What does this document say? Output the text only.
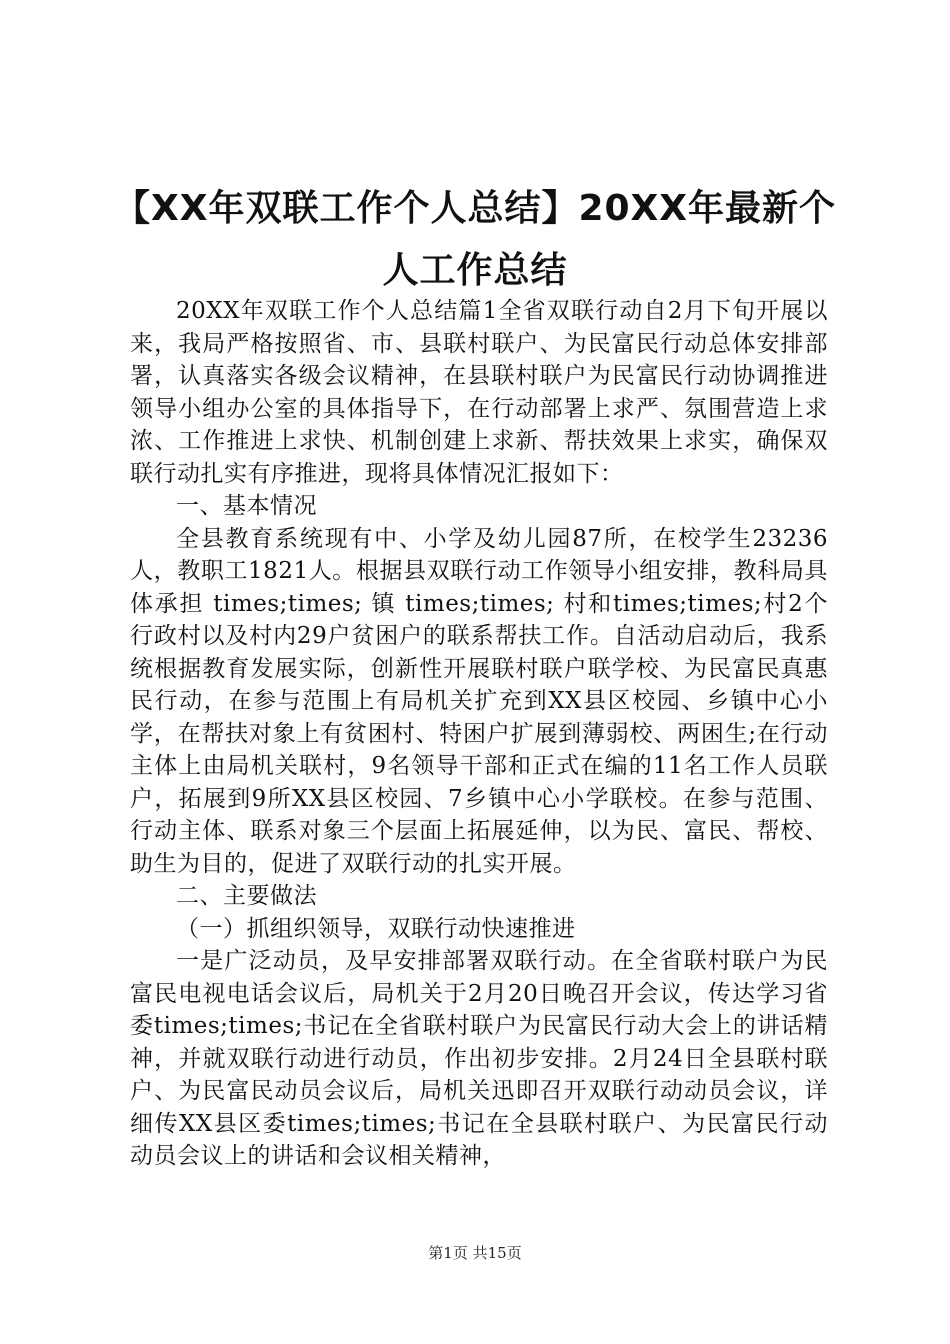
【XX年双联工作个人总结】20XX年最新个人工作总结

20XX年双联工作个人总结篇1全省双联行动自2月下旬开展以来，我局严格按照省、市、县联村联户、为民富民行动总体安排部署，认真落实各级会议精神，在县联村联户为民富民行动协调推进领导小组办公室的具体指导下，在行动部署上求严、氛围营造上求浓、工作推进上求快、机制创建上求新、帮扶效果上求实，确保双联行动扎实有序推进，现将具体情况汇报如下：

一、基本情况

全县教育系统现有中、小学及幼儿园87所，在校学生23236人，教职工1821人。根据县双联行动工作领导小组安排，教科局具体承担 times;times; 镇 times;times; 村和times;times;村2个行政村以及村内29户贫困户的联系帮扶工作。自活动启动后，我系统根据教育发展实际，创新性开展联村联户联学校、为民富民真惠民行动，在参与范围上有局机关扩充到XX县区校园、乡镇中心小学，在帮扶对象上有贫困村、特困户扩展到薄弱校、两困生;在行动主体上由局机关联村，9名领导干部和正式在编的11名工作人员联户，拓展到9所XX县区校园、7乡镇中心小学联校。在参与范围、行动主体、联系对象三个层面上拓展延伸，以为民、富民、帮校、助生为目的，促进了双联行动的扎实开展。

二、主要做法

（一）抓组织领导，双联行动快速推进

一是广泛动员，及早安排部署双联行动。在全省联村联户为民富民电视电话会议后，局机关于2月20日晚召开会议，传达学习省委times;times;书记在全省联村联户为民富民行动大会上的讲话精神，并就双联行动进行动员，作出初步安排。2月24日全县联村联户、为民富民动员会议后，局机关迅即召开双联行动动员会议，详细传XX县区委times;times;书记在全县联村联户、为民富民行动动员会议上的讲话和会议相关精神，

第1页 共15页
